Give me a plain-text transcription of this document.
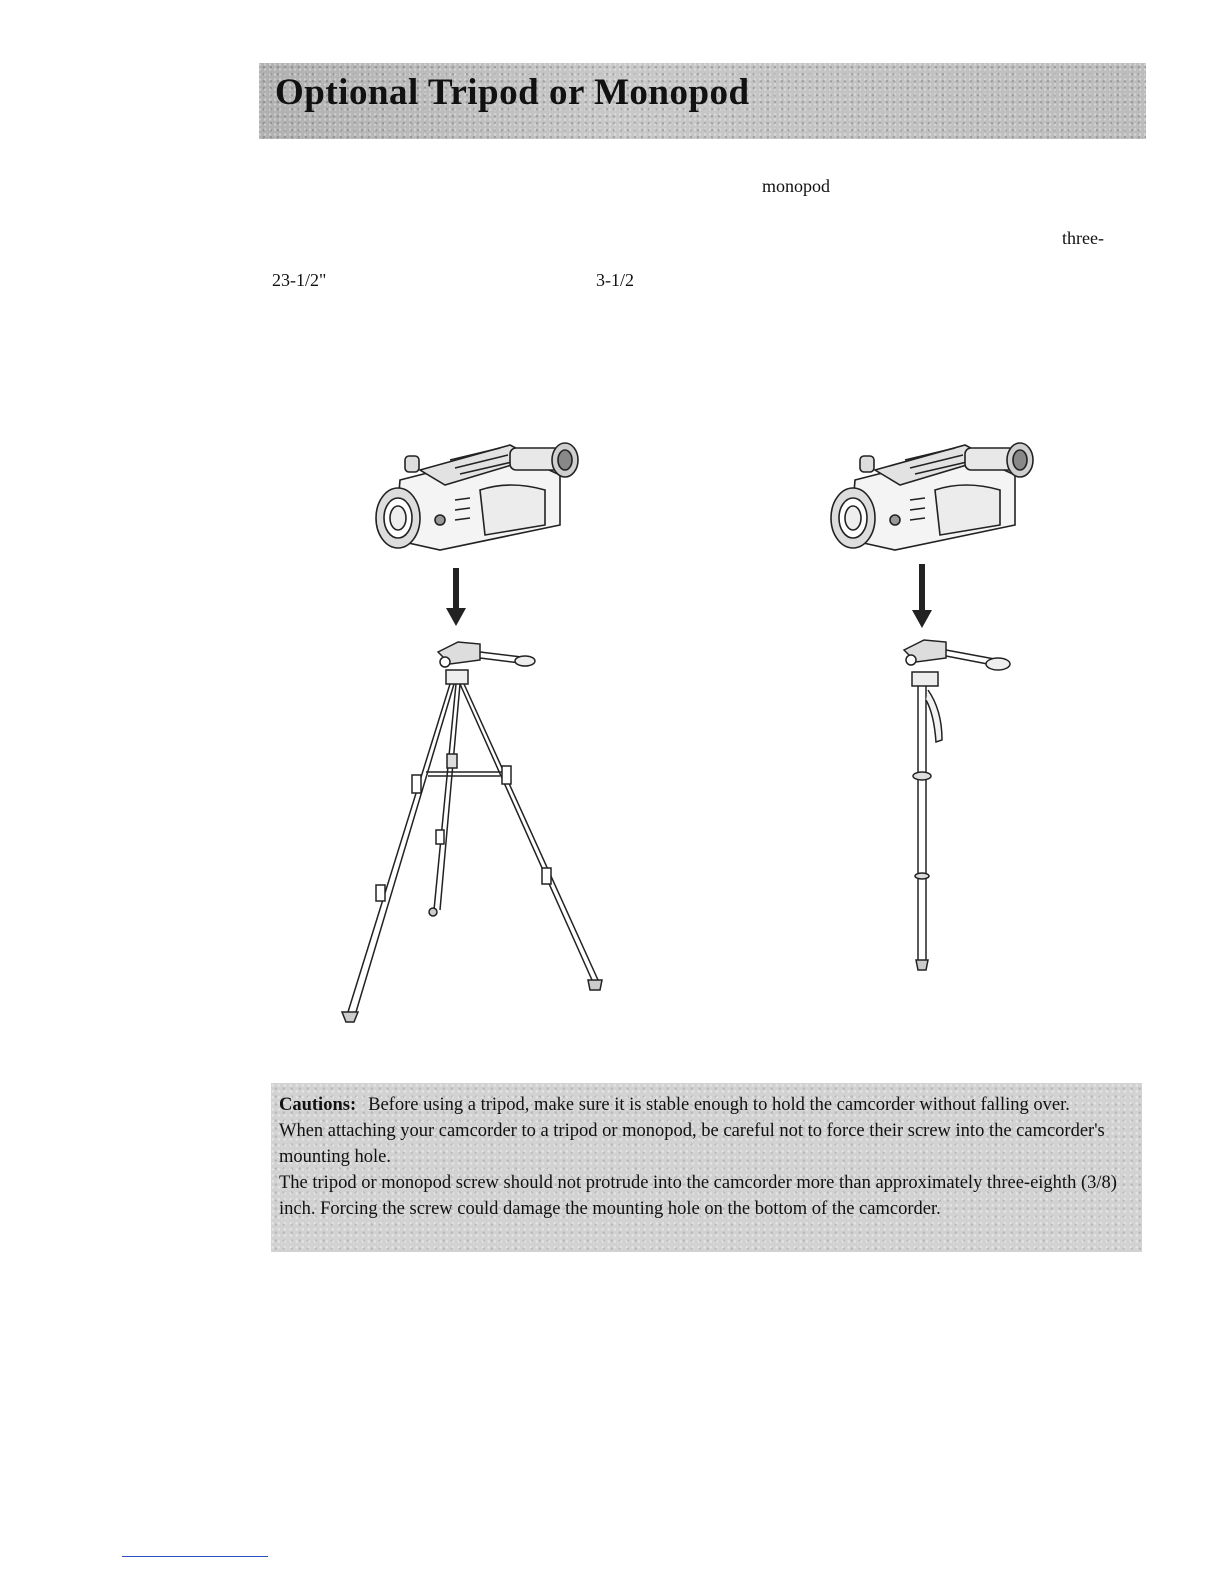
Optional Tripod or Monopod
monopod
three-
23-1/2"	3-1/2

Cautions: Before using a tripod, make sure it is stable enough to hold the camcorder without falling over.

When attaching your camcorder to a tripod or monopod, be careful not to force their screw into the camcorder's mounting hole.

The tripod or monopod screw should not protrude into the camcorder more than approximately three-eighth (3/8) inch. Forcing the screw could damage the mounting hole on the bottom of the camcorder.
